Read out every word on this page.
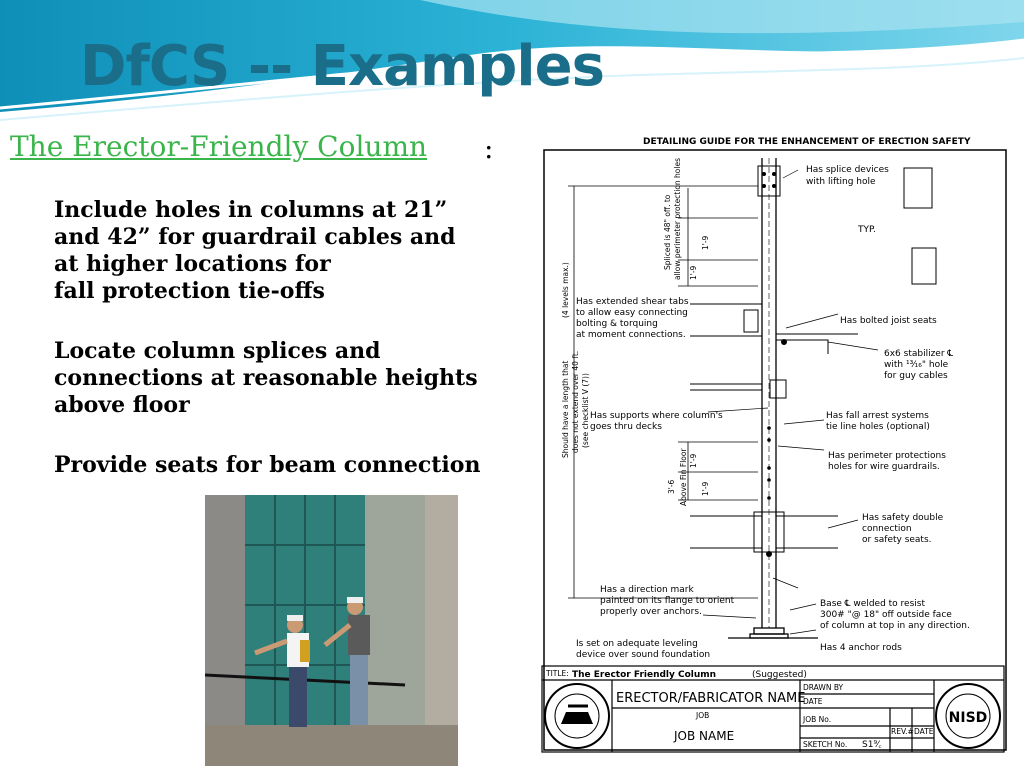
DfCS -- Examples

The Erector-Friendly Column :

Include holes in columns at 21”
and 42” for guardrail cables and
at higher locations for
fall protection tie-offs

Locate column splices and
connections at reasonable heights
above floor

Provide seats for beam connection

DETAILING GUIDE FOR THE ENHANCEMENT OF ERECTION SAFETY
(4 levels max.)
Should have a length that does not extend over 40 ft. (see checklist V (7))
Spliced is 48" off. to allow perimeter protection holes 1'-9
1'-9
3'-6 Above Fin Floor 1'-9
1'-9
Has splice devices
with lifting hole
TYP.
Has extended shear tabs
to allow easy connecting
bolting & torquing
at moment connections.
Has bolted joist seats
6x6 stabilizer ℄
with ¹³⁄₁₆" hole
for guy cables
Has supports where column's
goes thru decks
Has fall arrest systems
tie line holes (optional)
Has perimeter protections
holes for wire guardrails.
Has safety double
connection
or safety seats.
Has a direction mark
painted on its flange to orient
properly over anchors.
Base ℄ welded to resist
300# "@ 18" off outside face
of column at top in any direction.
Is set on adequate leveling
device over sound foundation
Has 4 anchor rods
TITLE: The Erector Friendly Column	(Suggested)
ERECTOR/FABRICATOR NAME
JOB
JOB NAME
DRAWN BY
DATE
JOB No.
SKETCH No. S1⁹⁄꜀
REV.# DATE
NISD
